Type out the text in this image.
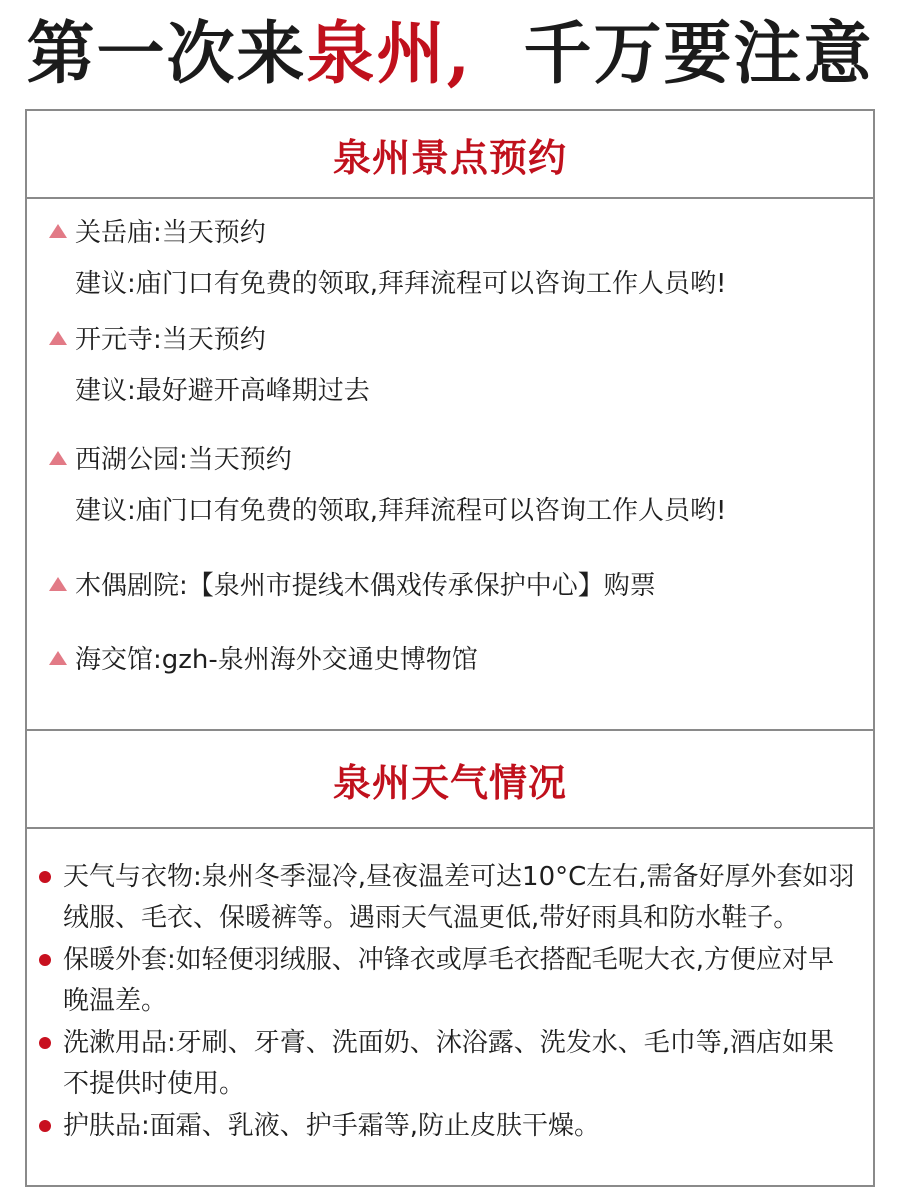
第一次来泉州, 千万要注意
泉州景点预约
关岳庙:当天预约
建议:庙门口有免费的领取,拜拜流程可以咨询工作人员哟!
开元寺:当天预约
建议:最好避开高峰期过去
西湖公园:当天预约
建议:庙门口有免费的领取,拜拜流程可以咨询工作人员哟!
木偶剧院:【泉州市提线木偶戏传承保护中心】购票
海交馆:gzh-泉州海外交通史博物馆
泉州天气情况
天气与衣物:泉州冬季湿冷,昼夜温差可达10°C左右,需备好厚外套如羽绒服、毛衣、保暖裤等。遇雨天气温更低,带好雨具和防水鞋子。
保暖外套:如轻便羽绒服、冲锋衣或厚毛衣搭配毛呢大衣,方便应对早晚温差。
洗漱用品:牙刷、牙膏、洗面奶、沐浴露、洗发水、毛巾等,酒店如果不提供时使用。
护肤品:面霜、乳液、护手霜等,防止皮肤干燥。
